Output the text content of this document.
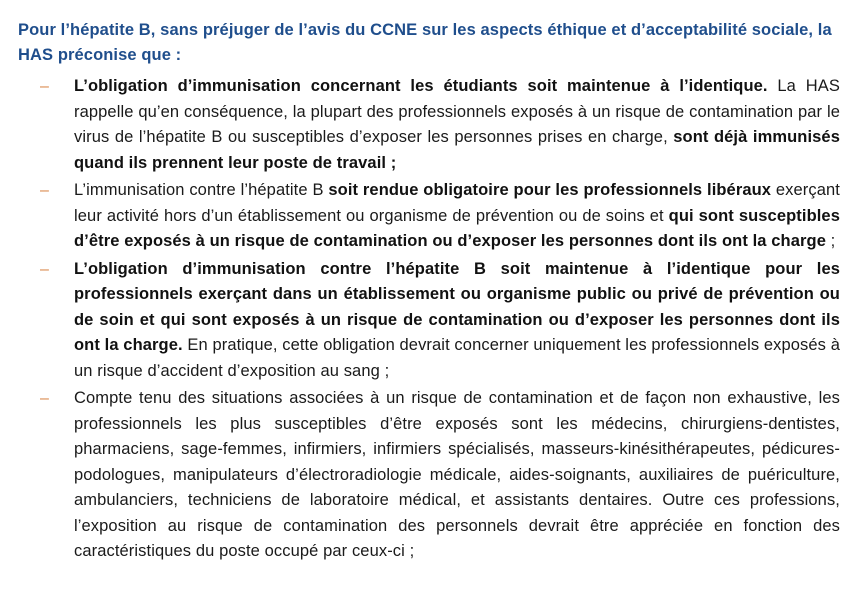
Pour l’hépatite B, sans préjuger de l’avis du CCNE sur les aspects éthique et d’acceptabilité sociale, la HAS préconise que :
– L’obligation d’immunisation concernant les étudiants soit maintenue à l’identique. La HAS rappelle qu’en conséquence, la plupart des professionnels exposés à un risque de contamination par le virus de l’hépatite B ou susceptibles d’exposer les personnes prises en charge, sont déjà immunisés quand ils prennent leur poste de travail ;
– L’immunisation contre l’hépatite B soit rendue obligatoire pour les professionnels libéraux exerçant leur activité hors d’un établissement ou organisme de prévention ou de soins et qui sont susceptibles d’être exposés à un risque de contamination ou d’exposer les personnes dont ils ont la charge ;
– L’obligation d’immunisation contre l’hépatite B soit maintenue à l’identique pour les professionnels exerçant dans un établissement ou organisme public ou privé de prévention ou de soin et qui sont exposés à un risque de contamination ou d’exposer les personnes dont ils ont la charge. En pratique, cette obligation devrait concerner uniquement les professionnels exposés à un risque d’accident d’exposition au sang ;
– Compte tenu des situations associées à un risque de contamination et de façon non exhaustive, les professionnels les plus susceptibles d’être exposés sont les médecins, chirurgiens-dentistes, pharmaciens, sage-femmes, infirmiers, infirmiers spécialisés, masseurs-kinésithérapeutes, pédicures-podologues, manipulateurs d’électroradiologie médicale, aides-soignants, auxiliaires de puériculture, ambulanciers, techniciens de laboratoire médical, et assistants dentaires. Outre ces professions, l’exposition au risque de contamination des personnels devrait être appréciée en fonction des caractéristiques du poste occupé par ceux-ci ;
